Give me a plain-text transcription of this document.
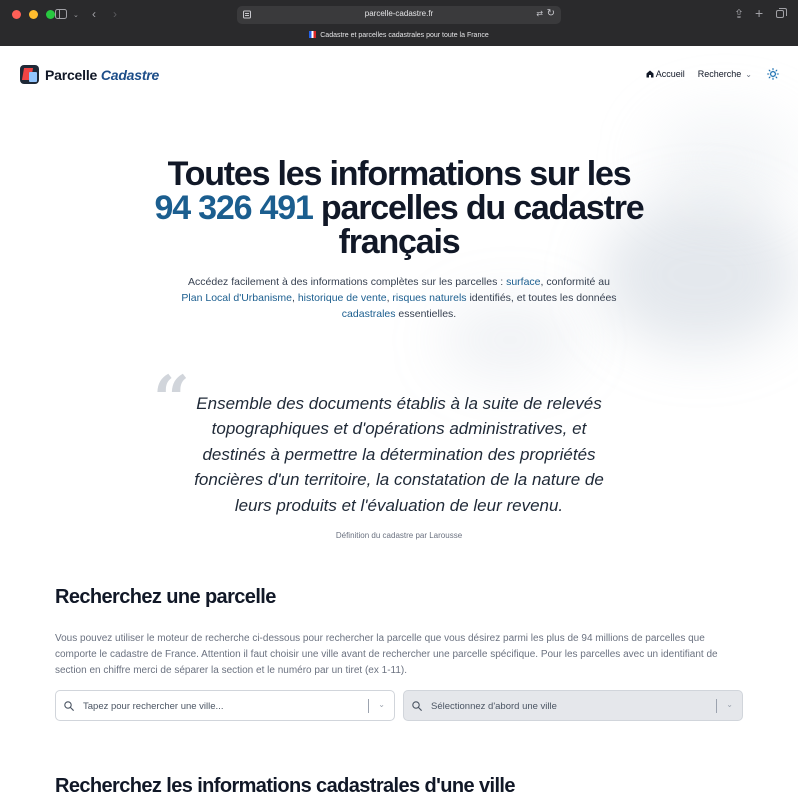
⌄ ‹ ›	parcelle-cadastre.fr	⇄ ↻	⇪ +
Cadastre et parcelles cadastrales pour toute la France
Parcelle Cadastre	Accueil Recherche ⌄
Toutes les informations sur les
94 326 491 parcelles du cadastre
français

Accédez facilement à des informations complètes sur les parcelles : surface, conformité au
Plan Local d'Urbanisme, historique de vente, risques naturels identifiés, et toutes les données
cadastrales essentielles.

“ Ensemble des documents établis à la suite de relevés topographiques et d'opérations administratives, et destinés à permettre la détermination des propriétés foncières d'un territoire, la constatation de la nature de leurs produits et l'évaluation de leur revenu.

Définition du cadastre par Larousse

Recherchez une parcelle

Vous pouvez utiliser le moteur de recherche ci-dessous pour rechercher la parcelle que vous désirez parmi les plus de 94 millions de parcelles que comporte le cadastre de France. Attention il faut choisir une ville avant de rechercher une parcelle spécifique. Pour les parcelles avec un identifiant de section en chiffre merci de séparer la section et le numéro par un tiret (ex 1-11).

Tapez pour rechercher une ville...
⌄
Sélectionnez d'abord une ville	⌄
Recherchez les informations cadastrales d'une ville
